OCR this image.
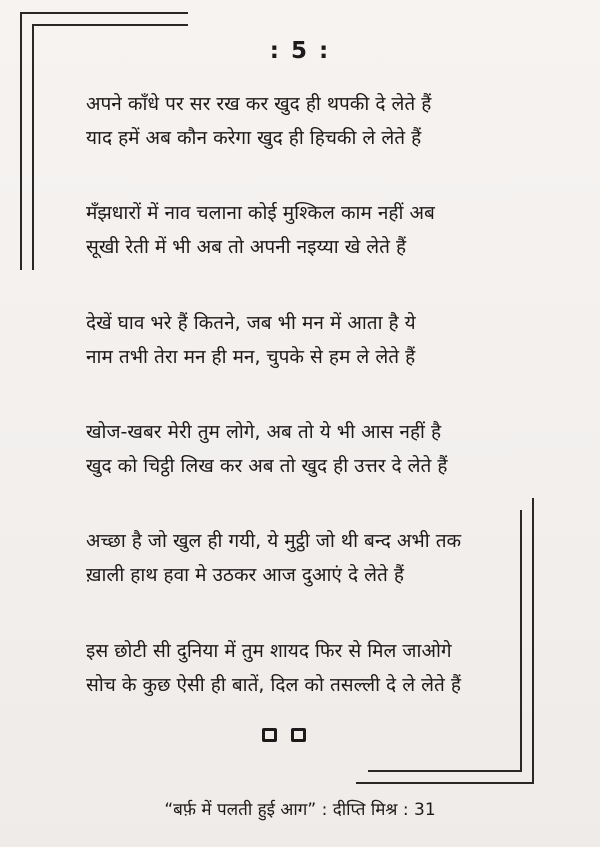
: 5 :
अपने काँधे पर सर रख कर खुद ही थपकी दे लेते हैं
याद हमें अब कौन करेगा खुद ही हिचकी ले लेते हैं
मँझधारों में नाव चलाना कोई मुश्किल काम नहीं अब
सूखी रेती में भी अब तो अपनी नइय्या खे लेते हैं
देखें घाव भरे हैं कितने, जब भी मन में आता है ये
नाम तभी तेरा मन ही मन, चुपके से हम ले लेते हैं
खोज-खबर मेरी तुम लोगे, अब तो ये भी आस नहीं है
खुद को चिट्ठी लिख कर अब तो खुद ही उत्तर दे लेते हैं
अच्छा है जो खुल ही गयी, ये मुट्ठी जो थी बन्द अभी तक
ख़ाली हाथ हवा मे उठकर आज दुआएं दे लेते हैं
इस छोटी सी दुनिया में तुम शायद फिर से मिल जाओगे
सोच के कुछ ऐसी ही बातें, दिल को तसल्ली दे ले लेते हैं
“बर्फ़ में पलती हुई आग” : दीप्ति मिश्र : 31
